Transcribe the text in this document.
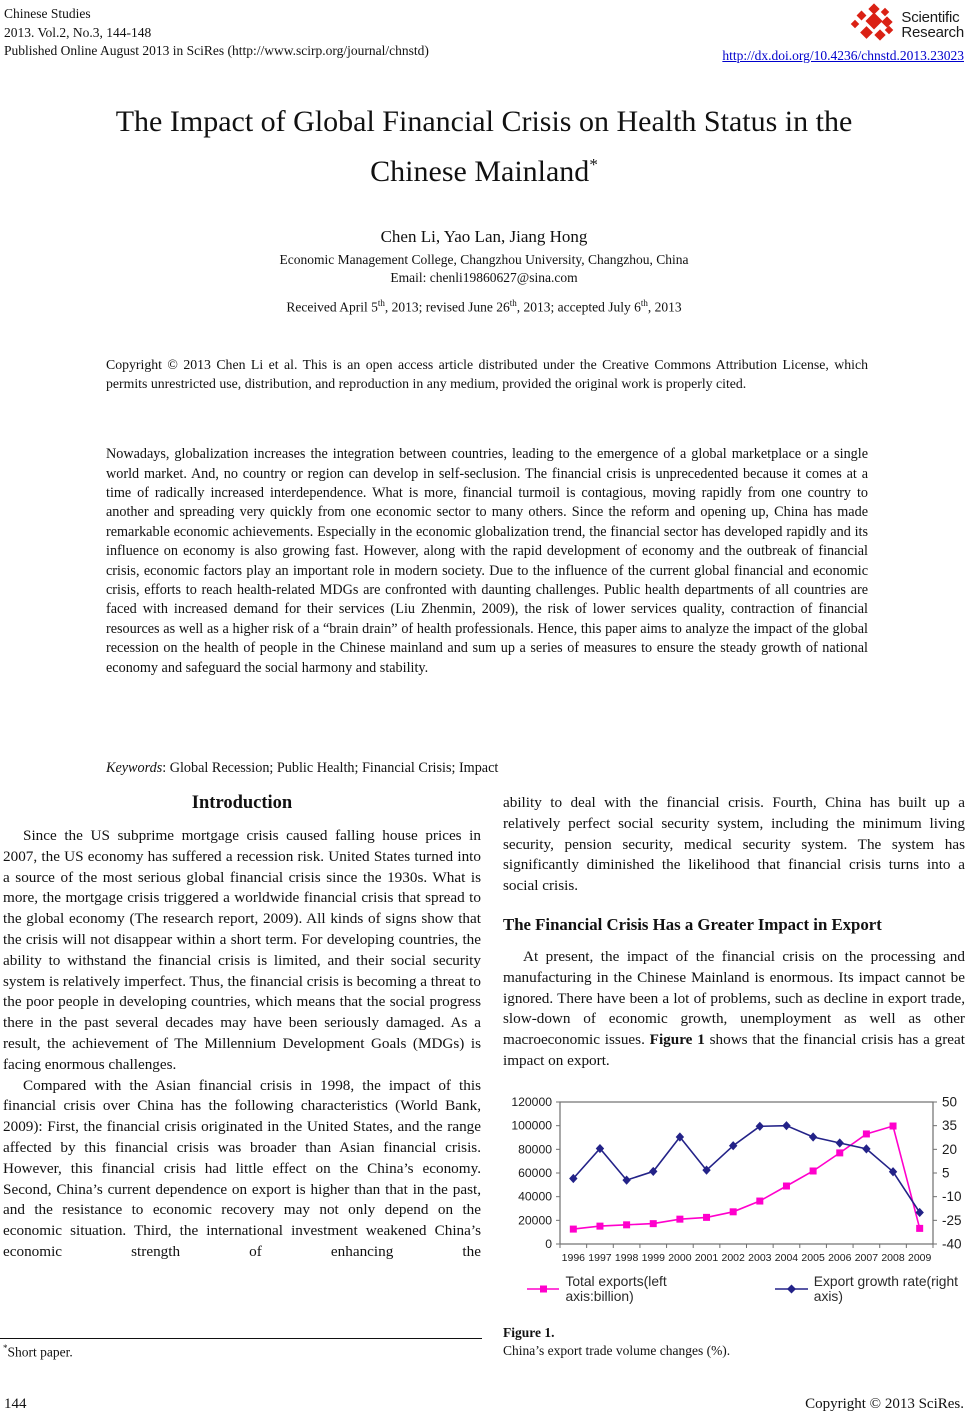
Chinese Studies
2013. Vol.2, No.3, 144-148
Published Online August 2013 in SciRes (http://www.scirp.org/journal/chnstd)
Scientific
Research
http://dx.doi.org/10.4236/chnstd.2013.23023
The Impact of Global Financial Crisis on Health Status in the
Chinese Mainland*
Chen Li, Yao Lan, Jiang Hong
Economic Management College, Changzhou University, Changzhou, China
Email: chenli19860627@sina.com
Received April 5th, 2013; revised June 26th, 2013; accepted July 6th, 2013

Copyright © 2013 Chen Li et al. This is an open access article distributed under the Creative Commons Attribution License, which permits unrestricted use, distribution, and reproduction in any medium, provided the original work is properly cited.

Nowadays, globalization increases the integration between countries, leading to the emergence of a global marketplace or a single world market. And, no country or region can develop in self-seclusion. The financial crisis is unprecedented because it comes at a time of radically increased interdependence. What is more, financial turmoil is contagious, moving rapidly from one country to another and spreading very quickly from one economic sector to many others. Since the reform and opening up, China has made remarkable economic achievements. Especially in the economic globalization trend, the financial sector has developed rapidly and its influence on economy is also growing fast. However, along with the rapid development of economy and the outbreak of financial crisis, economic factors play an important role in modern society. Due to the influence of the current global financial and economic crisis, efforts to reach health-related MDGs are confronted with daunting challenges. Public health departments of all countries are faced with increased demand for their services (Liu Zhenmin, 2009), the risk of lower services quality, contraction of financial resources as well as a higher risk of a “brain drain” of health professionals. Hence, this paper aims to analyze the impact of the global recession on the health of people in the Chinese mainland and sum up a series of measures to ensure the steady growth of national economy and safeguard the social harmony and stability.

Keywords: Global Recession; Public Health; Financial Crisis; Impact

Introduction

Since the US subprime mortgage crisis caused falling house prices in 2007, the US economy has suffered a recession risk. United States turned into a source of the most serious global financial crisis since the 1930s. What is more, the mortgage crisis triggered a worldwide financial crisis that spread to the global economy (The research report, 2009). All kinds of signs show that the crisis will not disappear within a short term. For developing countries, the ability to withstand the financial crisis is limited, and their social security system is relatively imperfect. Thus, the financial crisis is becoming a threat to the poor people in developing countries, which means that the social progress there in the past several decades may have been seriously damaged. As a result, the achievement of The Millennium Development Goals (MDGs) is facing enormous challenges.

Compared with the Asian financial crisis in 1998, the impact of this financial crisis over China has the following characteristics (World Bank, 2009): First, the financial crisis originated in the United States, and the range affected by this financial crisis was broader than Asian financial crisis. However, this financial crisis had little effect on the China’s economy. Second, China’s current dependence on export is higher than that in the past, and the resistance to economic recovery may not only depend on the economic situation. Third, the international investment weakened China’s economic strength of enhancing the

ability to deal with the financial crisis. Fourth, China has built up a relatively perfect social security system, including the minimum living security, pension security, medical security system. The system has significantly diminished the likelihood that financial crisis turns into a social crisis.

The Financial Crisis Has a Greater Impact in Export

At present, the impact of the financial crisis on the processing and manufacturing in the Chinese Mainland is enormous. Its impact cannot be ignored. There have been a lot of problems, such as decline in export trade, slow-down of economic growth, unemployment as well as other macroeconomic issues. Figure 1 shows that the financial crisis has a great impact on export.

0
20000
40000
60000
80000
100000
120000
-40
-25
-10
5
20
35
50
1996 1997 1998 1999 2000 2001 2002 2003 2004 2005 2006 2007 2008 2009
Total exports(left axis:billion)
Export growth rate(right axis)
Figure 1.
China’s export trade volume changes (%).
*Short paper.
144	Copyright © 2013 SciRes.
